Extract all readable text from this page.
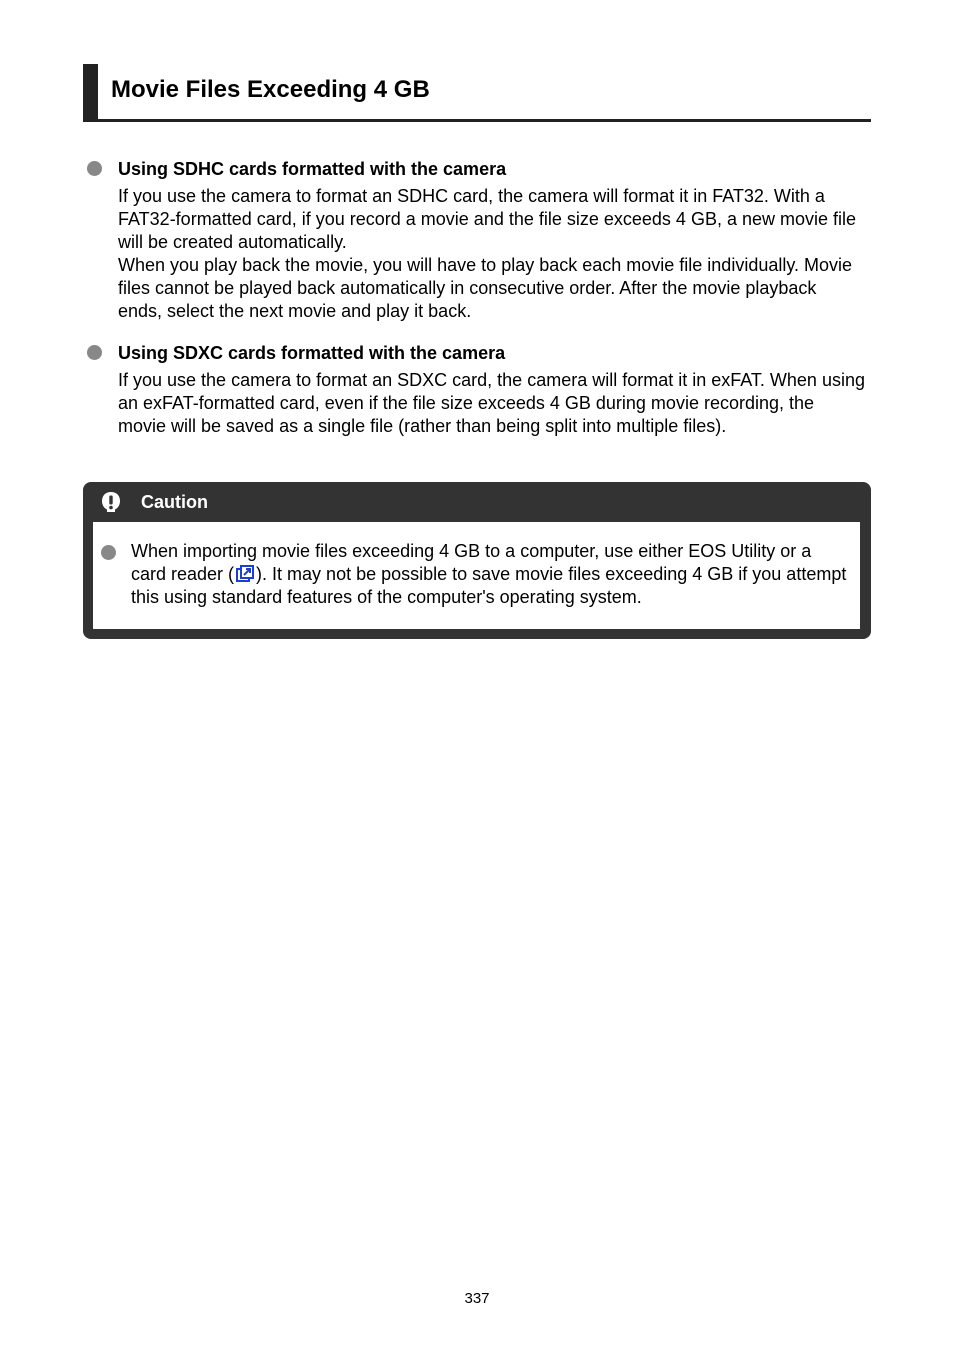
Movie Files Exceeding 4 GB

Using SDHC cards formatted with the camera

If you use the camera to format an SDHC card, the camera will format it in FAT32. With a FAT32-formatted card, if you record a movie and the file size exceeds 4 GB, a new movie file will be created automatically.

When you play back the movie, you will have to play back each movie file individually. Movie files cannot be played back automatically in consecutive order. After the movie playback ends, select the next movie and play it back.

Using SDXC cards formatted with the camera

If you use the camera to format an SDXC card, the camera will format it in exFAT. When using an exFAT-formatted card, even if the file size exceeds 4 GB during movie recording, the movie will be saved as a single file (rather than being split into multiple files).

Caution
When importing movie files exceeding 4 GB to a computer, use either EOS Utility or a card reader ( ). It may not be possible to save movie files exceeding 4 GB if you attempt this using standard features of the computer's operating system.
337
